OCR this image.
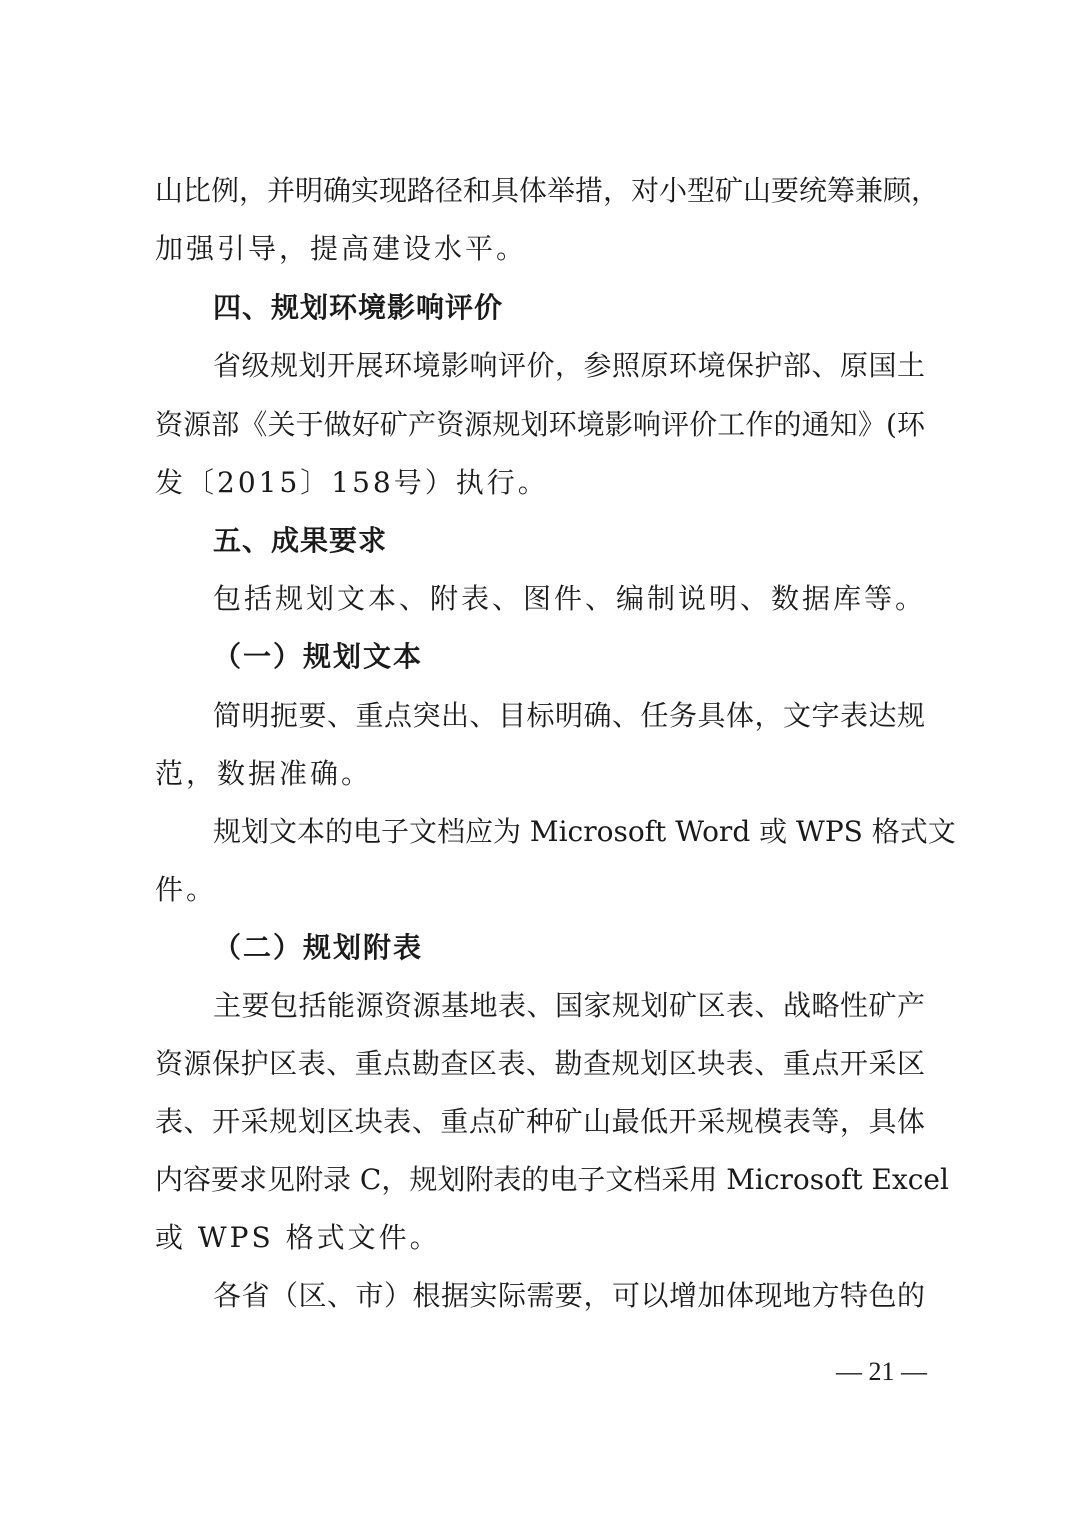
山比例，并明确实现路径和具体举措，对小型矿山要统筹兼顾，
加强引导，提高建设水平。
四、规划环境影响评价
省级规划开展环境影响评价，参照原环境保护部、原国土
资源部《关于做好矿产资源规划环境影响评价工作的通知》(环
发〔2015〕158号）执行。
五、成果要求
包括规划文本、附表、图件、编制说明、数据库等。
（一）规划文本
简明扼要、重点突出、目标明确、任务具体，文字表达规
范，数据准确。
规划文本的电子文档应为 Microsoft Word 或 WPS 格式文
件。
（二）规划附表
主要包括能源资源基地表、国家规划矿区表、战略性矿产
资源保护区表、重点勘查区表、勘查规划区块表、重点开采区
表、开采规划区块表、重点矿种矿山最低开采规模表等，具体
内容要求见附录 C，规划附表的电子文档采用 Microsoft Excel
或 WPS 格式文件。
各省（区、市）根据实际需要，可以增加体现地方特色的
— 21 —
